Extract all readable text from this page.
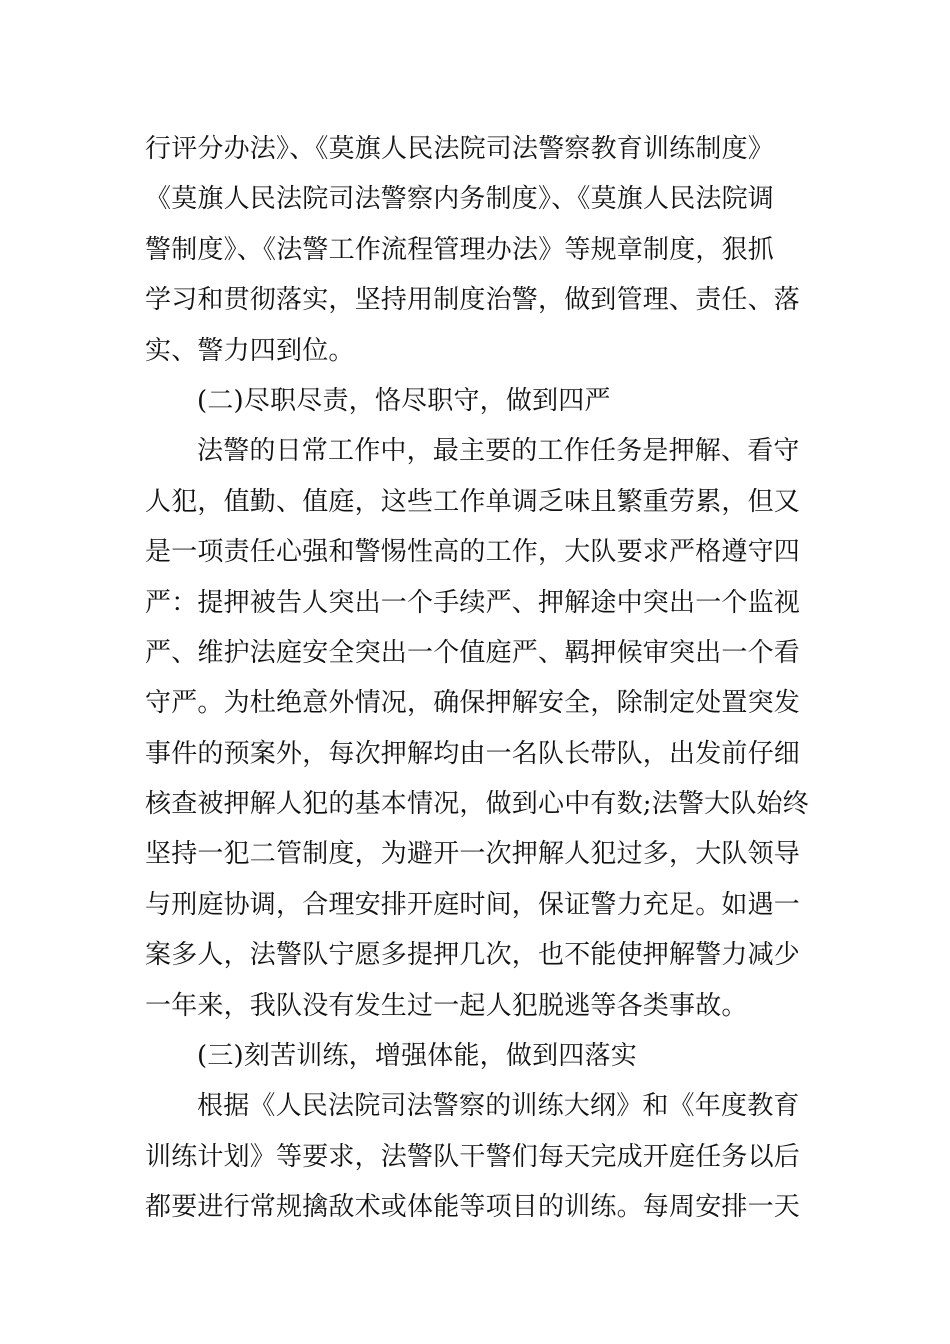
行评分办法》、《莫旗人民法院司法警察教育训练制度》
《莫旗人民法院司法警察内务制度》、《莫旗人民法院调
警制度》、《法警工作流程管理办法》等规章制度，狠抓
学习和贯彻落实，坚持用制度治警，做到管理、责任、落
实、警力四到位。
(二)尽职尽责，恪尽职守，做到四严
法警的日常工作中，最主要的工作任务是押解、看守
人犯，值勤、值庭，这些工作单调乏味且繁重劳累，但又
是一项责任心强和警惕性高的工作，大队要求严格遵守四
严：提押被告人突出一个手续严、押解途中突出一个监视
严、维护法庭安全突出一个值庭严、羁押候审突出一个看
守严。为杜绝意外情况，确保押解安全，除制定处置突发
事件的预案外，每次押解均由一名队长带队，出发前仔细
核查被押解人犯的基本情况，做到心中有数;法警大队始终
坚持一犯二管制度，为避开一次押解人犯过多，大队领导
与刑庭协调，合理安排开庭时间，保证警力充足。如遇一
案多人，法警队宁愿多提押几次，也不能使押解警力减少
一年来，我队没有发生过一起人犯脱逃等各类事故。
(三)刻苦训练，增强体能，做到四落实
根据《人民法院司法警察的训练大纲》和《年度教育
训练计划》等要求，法警队干警们每天完成开庭任务以后
都要进行常规擒敌术或体能等项目的训练。每周安排一天
